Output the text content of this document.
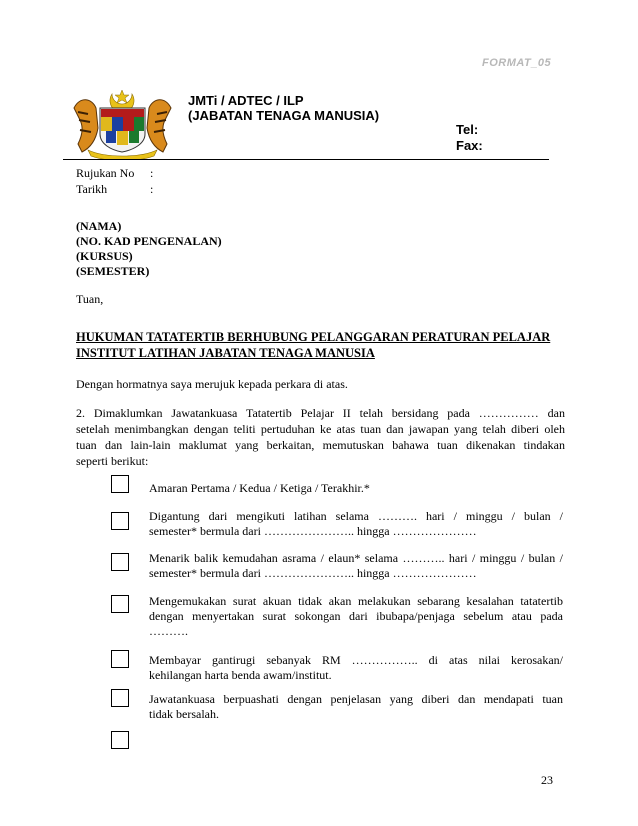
FORMAT_05
JMTi / ADTEC / ILP
(JABATAN TENAGA MANUSIA)
Tel:
Fax:
Rujukan No :
Tarikh	:
(NAMA)
(NO. KAD PENGENALAN)
(KURSUS)
(SEMESTER)
Tuan,
HUKUMAN TATATERTIB BERHUBUNG PELANGGARAN PERATURAN PELAJAR
INSTITUT LATIHAN JABATAN TENAGA MANUSIA
Dengan hormatnya saya merujuk kepada perkara di atas.
2. Dimaklumkan Jawatankuasa Tatatertib Pelajar II telah bersidang pada …………… dan
setelah menimbangkan dengan teliti pertuduhan ke atas tuan dan jawapan yang telah diberi oleh
tuan dan lain-lain maklumat yang berkaitan, memutuskan bahawa tuan dikenakan tindakan
seperti berikut:
Amaran Pertama / Kedua / Ketiga / Terakhir.*
Digantung dari mengikuti latihan selama ………. hari / minggu / bulan /
semester* bermula dari ………………….. hingga …………………
Menarik balik kemudahan asrama / elaun* selama ……….. hari / minggu / bulan /
semester* bermula dari ………………….. hingga …………………
Mengemukakan surat akuan tidak akan melakukan sebarang kesalahan tatatertib
dengan menyertakan surat sokongan dari ibubapa/penjaga sebelum atau pada
……….
Membayar gantirugi sebanyak RM …………….. di atas nilai kerosakan/
kehilangan harta benda awam/institut.
Jawatankuasa berpuashati dengan penjelasan yang diberi dan mendapati tuan
tidak bersalah.
23
